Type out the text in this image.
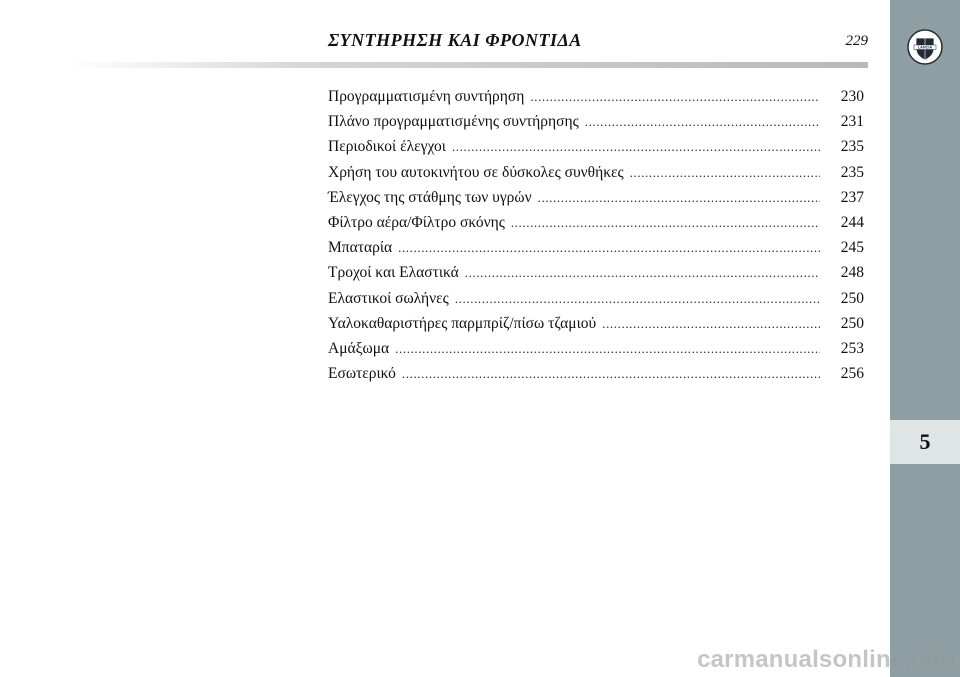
ΣΥΝΤΗΡΗΣΗ ΚΑΙ ΦΡΟΝΤΙΔΑ	229
Προγραμματισμένη συντήρηση .....	230
Πλάνο προγραμματισμένης συντήρησης .....	231
Περιοδικοί έλεγχοι .....	235
Χρήση του αυτοκινήτου σε δύσκολες συνθήκες .....	235
Έλεγχος της στάθμης των υγρών .....	237
Φίλτρο αέρα/Φίλτρο σκόνης .....	244
Μπαταρία .....	245
Τροχοί και Ελαστικά .....	248
Ελαστικοί σωλήνες .....	250
Υαλοκαθαριστήρες παρμπρίζ/πίσω τζαμιού .....	250
Αμάξωμα .....	253
Εσωτερικό .....	256
LANCIA
5
carmanualsonline.info
